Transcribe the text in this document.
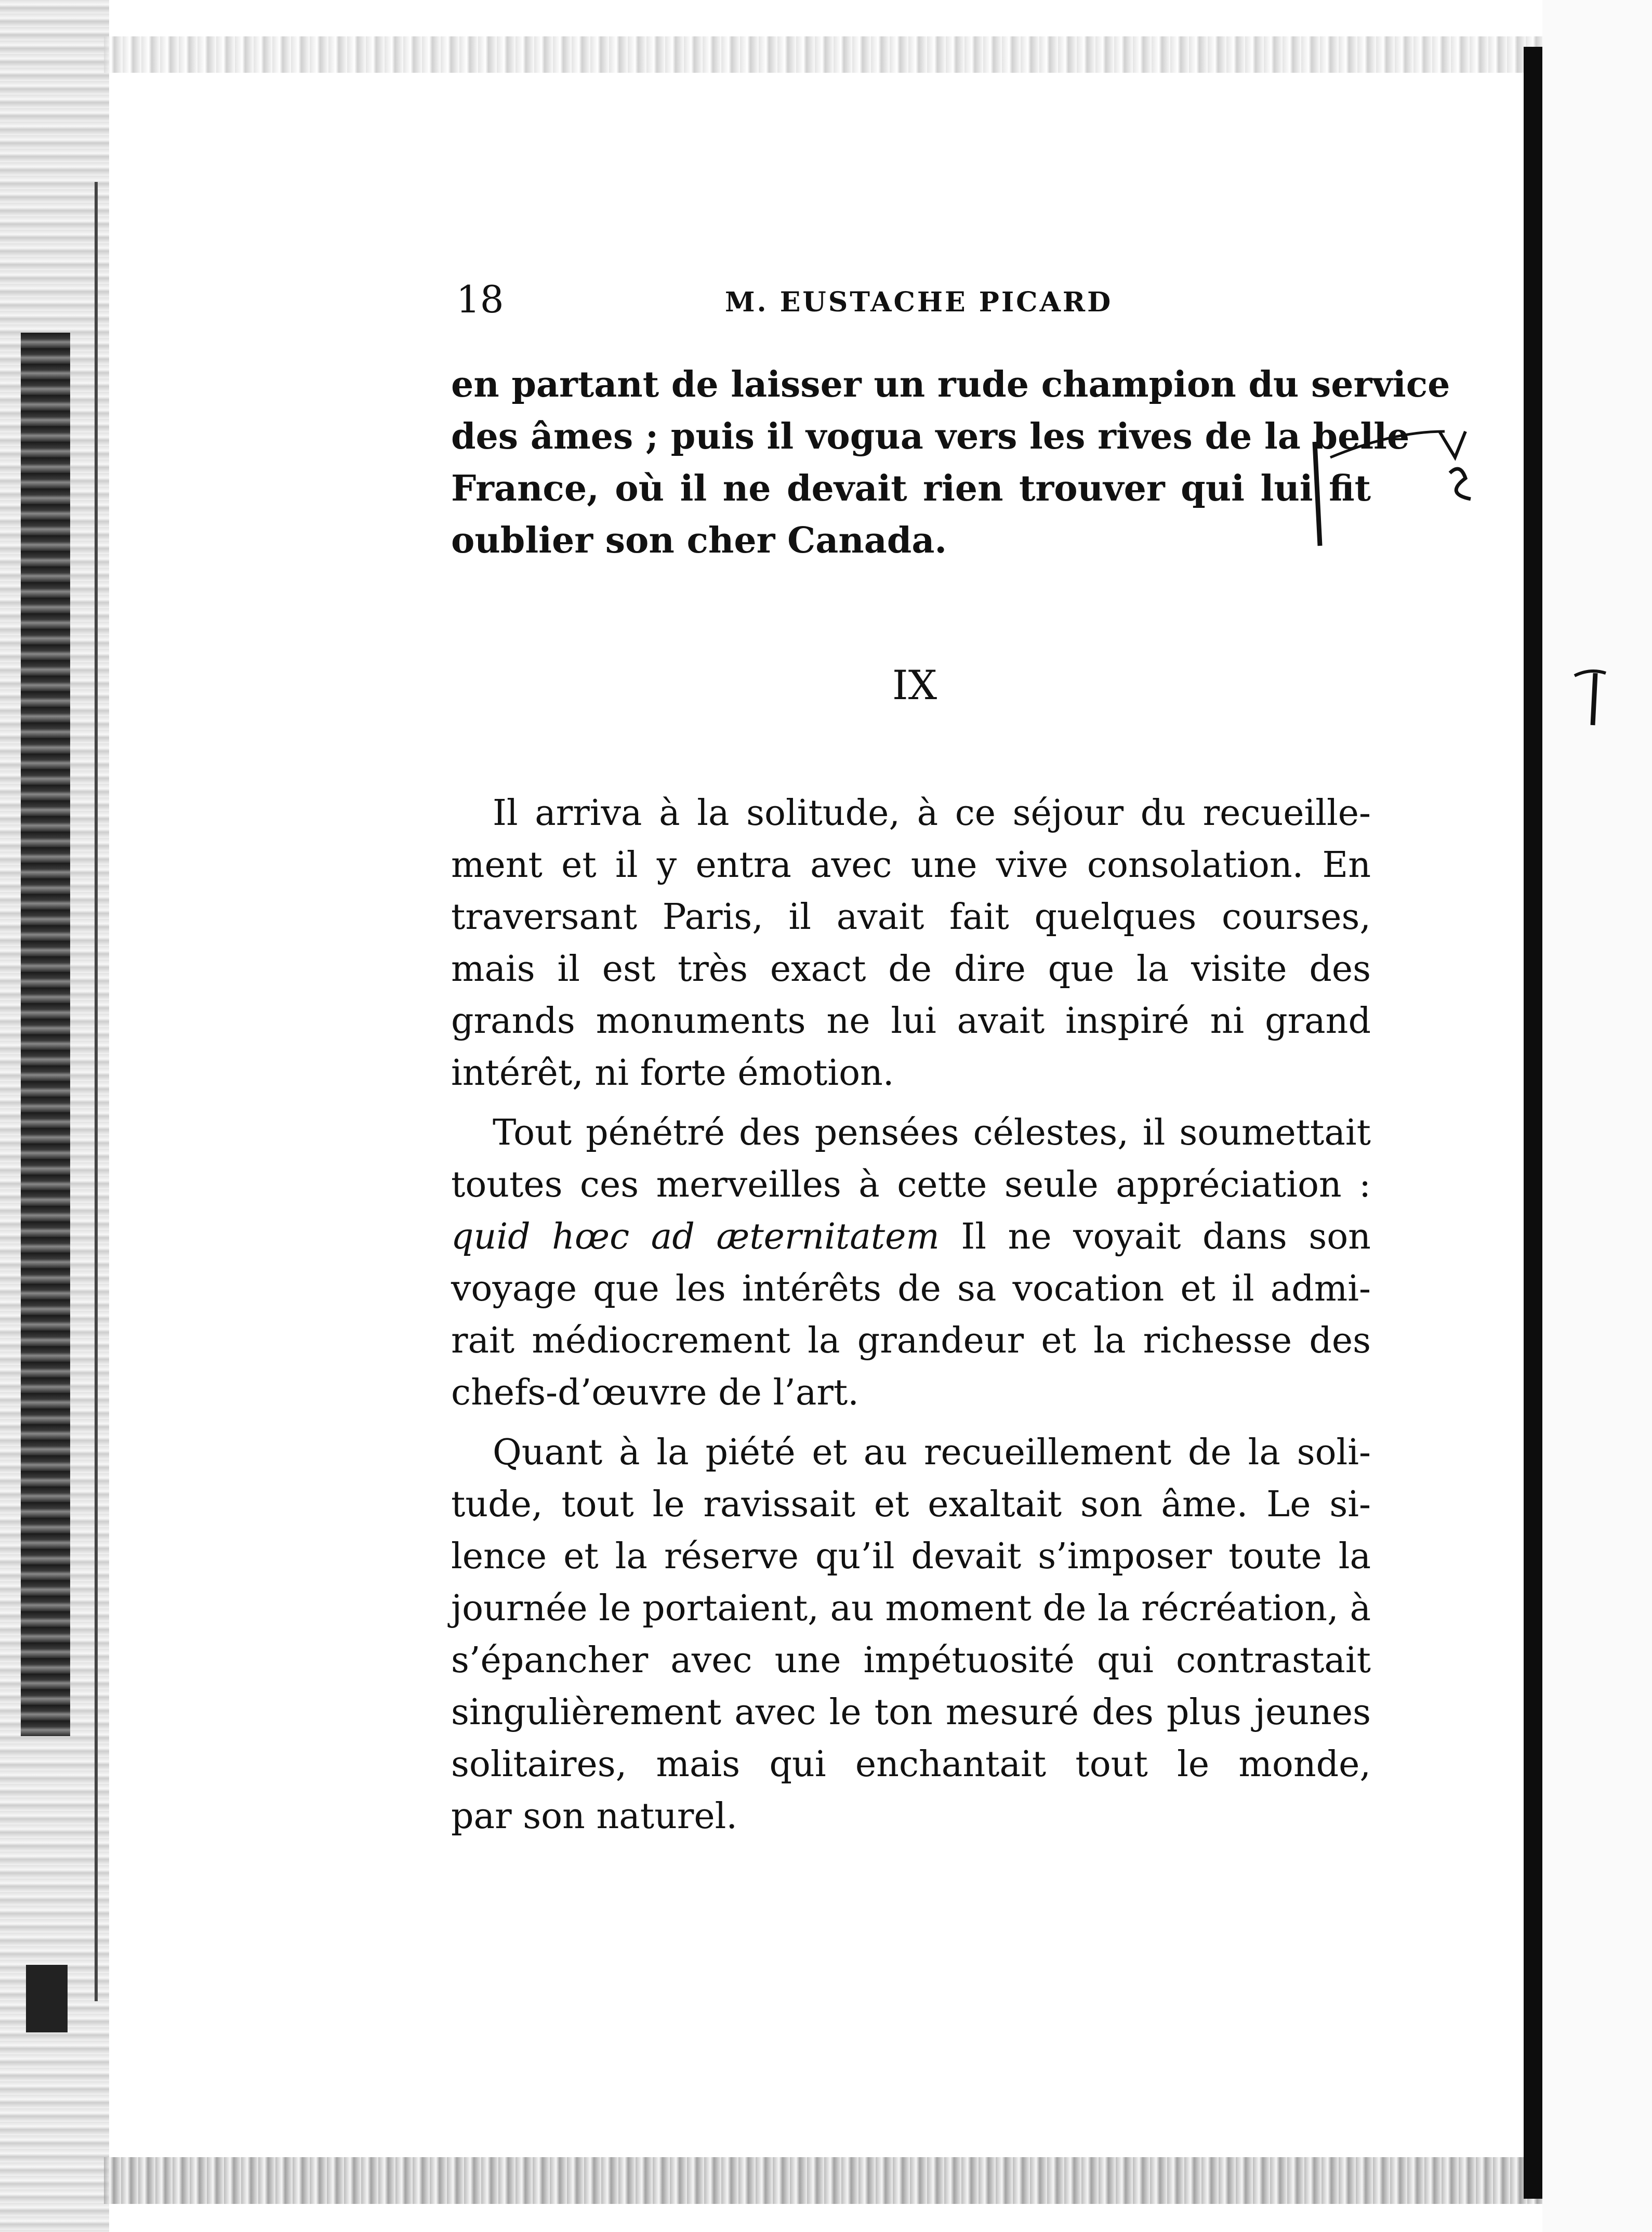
18	M. EUSTACHE PICARD
en partant de laisser un rude champion du service
des âmes ; puis il vogua vers les rives de la belle
France, où il ne devait rien trouver qui lui fit
oublier son cher Canada.
IX
Il arriva à la solitude, à ce séjour du recueille-
ment et il y entra avec une vive consolation. En
traversant Paris, il avait fait quelques courses,
mais il est très exact de dire que la visite des
grands monuments ne lui avait inspiré ni grand
intérêt, ni forte émotion.
Tout pénétré des pensées célestes, il soumettait
toutes ces merveilles à cette seule appréciation :
quid hœc ad æternitatem Il ne voyait dans son
voyage que les intérêts de sa vocation et il admi-
rait médiocrement la grandeur et la richesse des
chefs-d’œuvre de l’art.
Quant à la piété et au recueillement de la soli-
tude, tout le ravissait et exaltait son âme. Le si-
lence et la réserve qu’il devait s’imposer toute la
journée le portaient, au moment de la récréation, à
s’épancher avec une impétuosité qui contrastait
singulièrement avec le ton mesuré des plus jeunes
solitaires, mais qui enchantait tout le monde,
par son naturel.
